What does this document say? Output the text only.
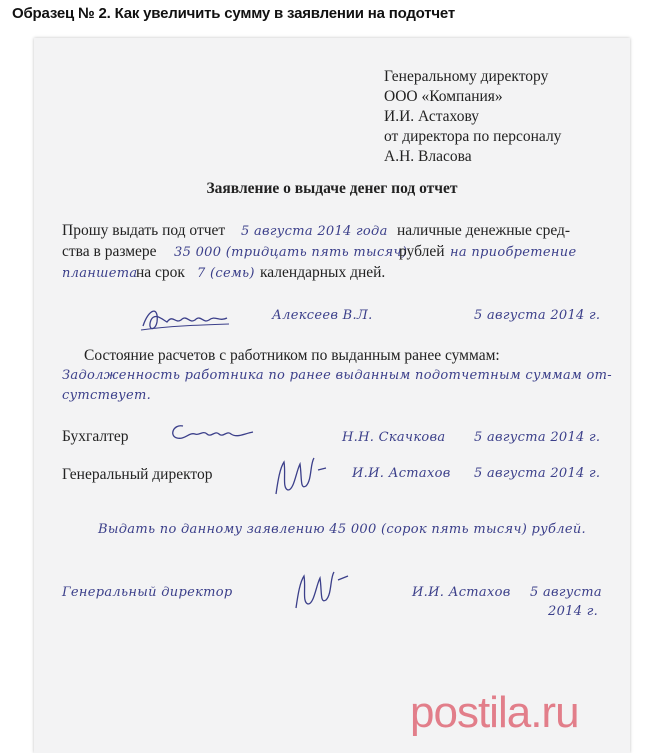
Образец № 2. Как увеличить сумму в заявлении на подотчет
Генеральному директору
ООО «Компания»
И.И. Астахову
от директора по персоналу
А.Н. Власова
Заявление о выдаче денег под отчет
Прошу выдать под отчет 5 августа 2014 года наличные денежные сред-
ства в размере 35 000 (тридцать пять тысяч)
рублей на приобретение
планшета
на срок 7 (семь) календарных дней.
Алексеев В.Л.	5 августа 2014 г.
Состояние расчетов с работником по выданным ранее суммам:
Задолженность работника по ранее выданным подотчетным суммам от-
сутствует.
Бухгалтер	Н.Н. Скачкова 5 августа 2014 г.
Генеральный директор	И.И. Астахов 5 августа 2014 г.
Выдать по данному заявлению 45 000 (сорок пять тысяч) рублей.
Генеральный директор	И.И. Астахов 5 августа
2014 г.
postila.ru
